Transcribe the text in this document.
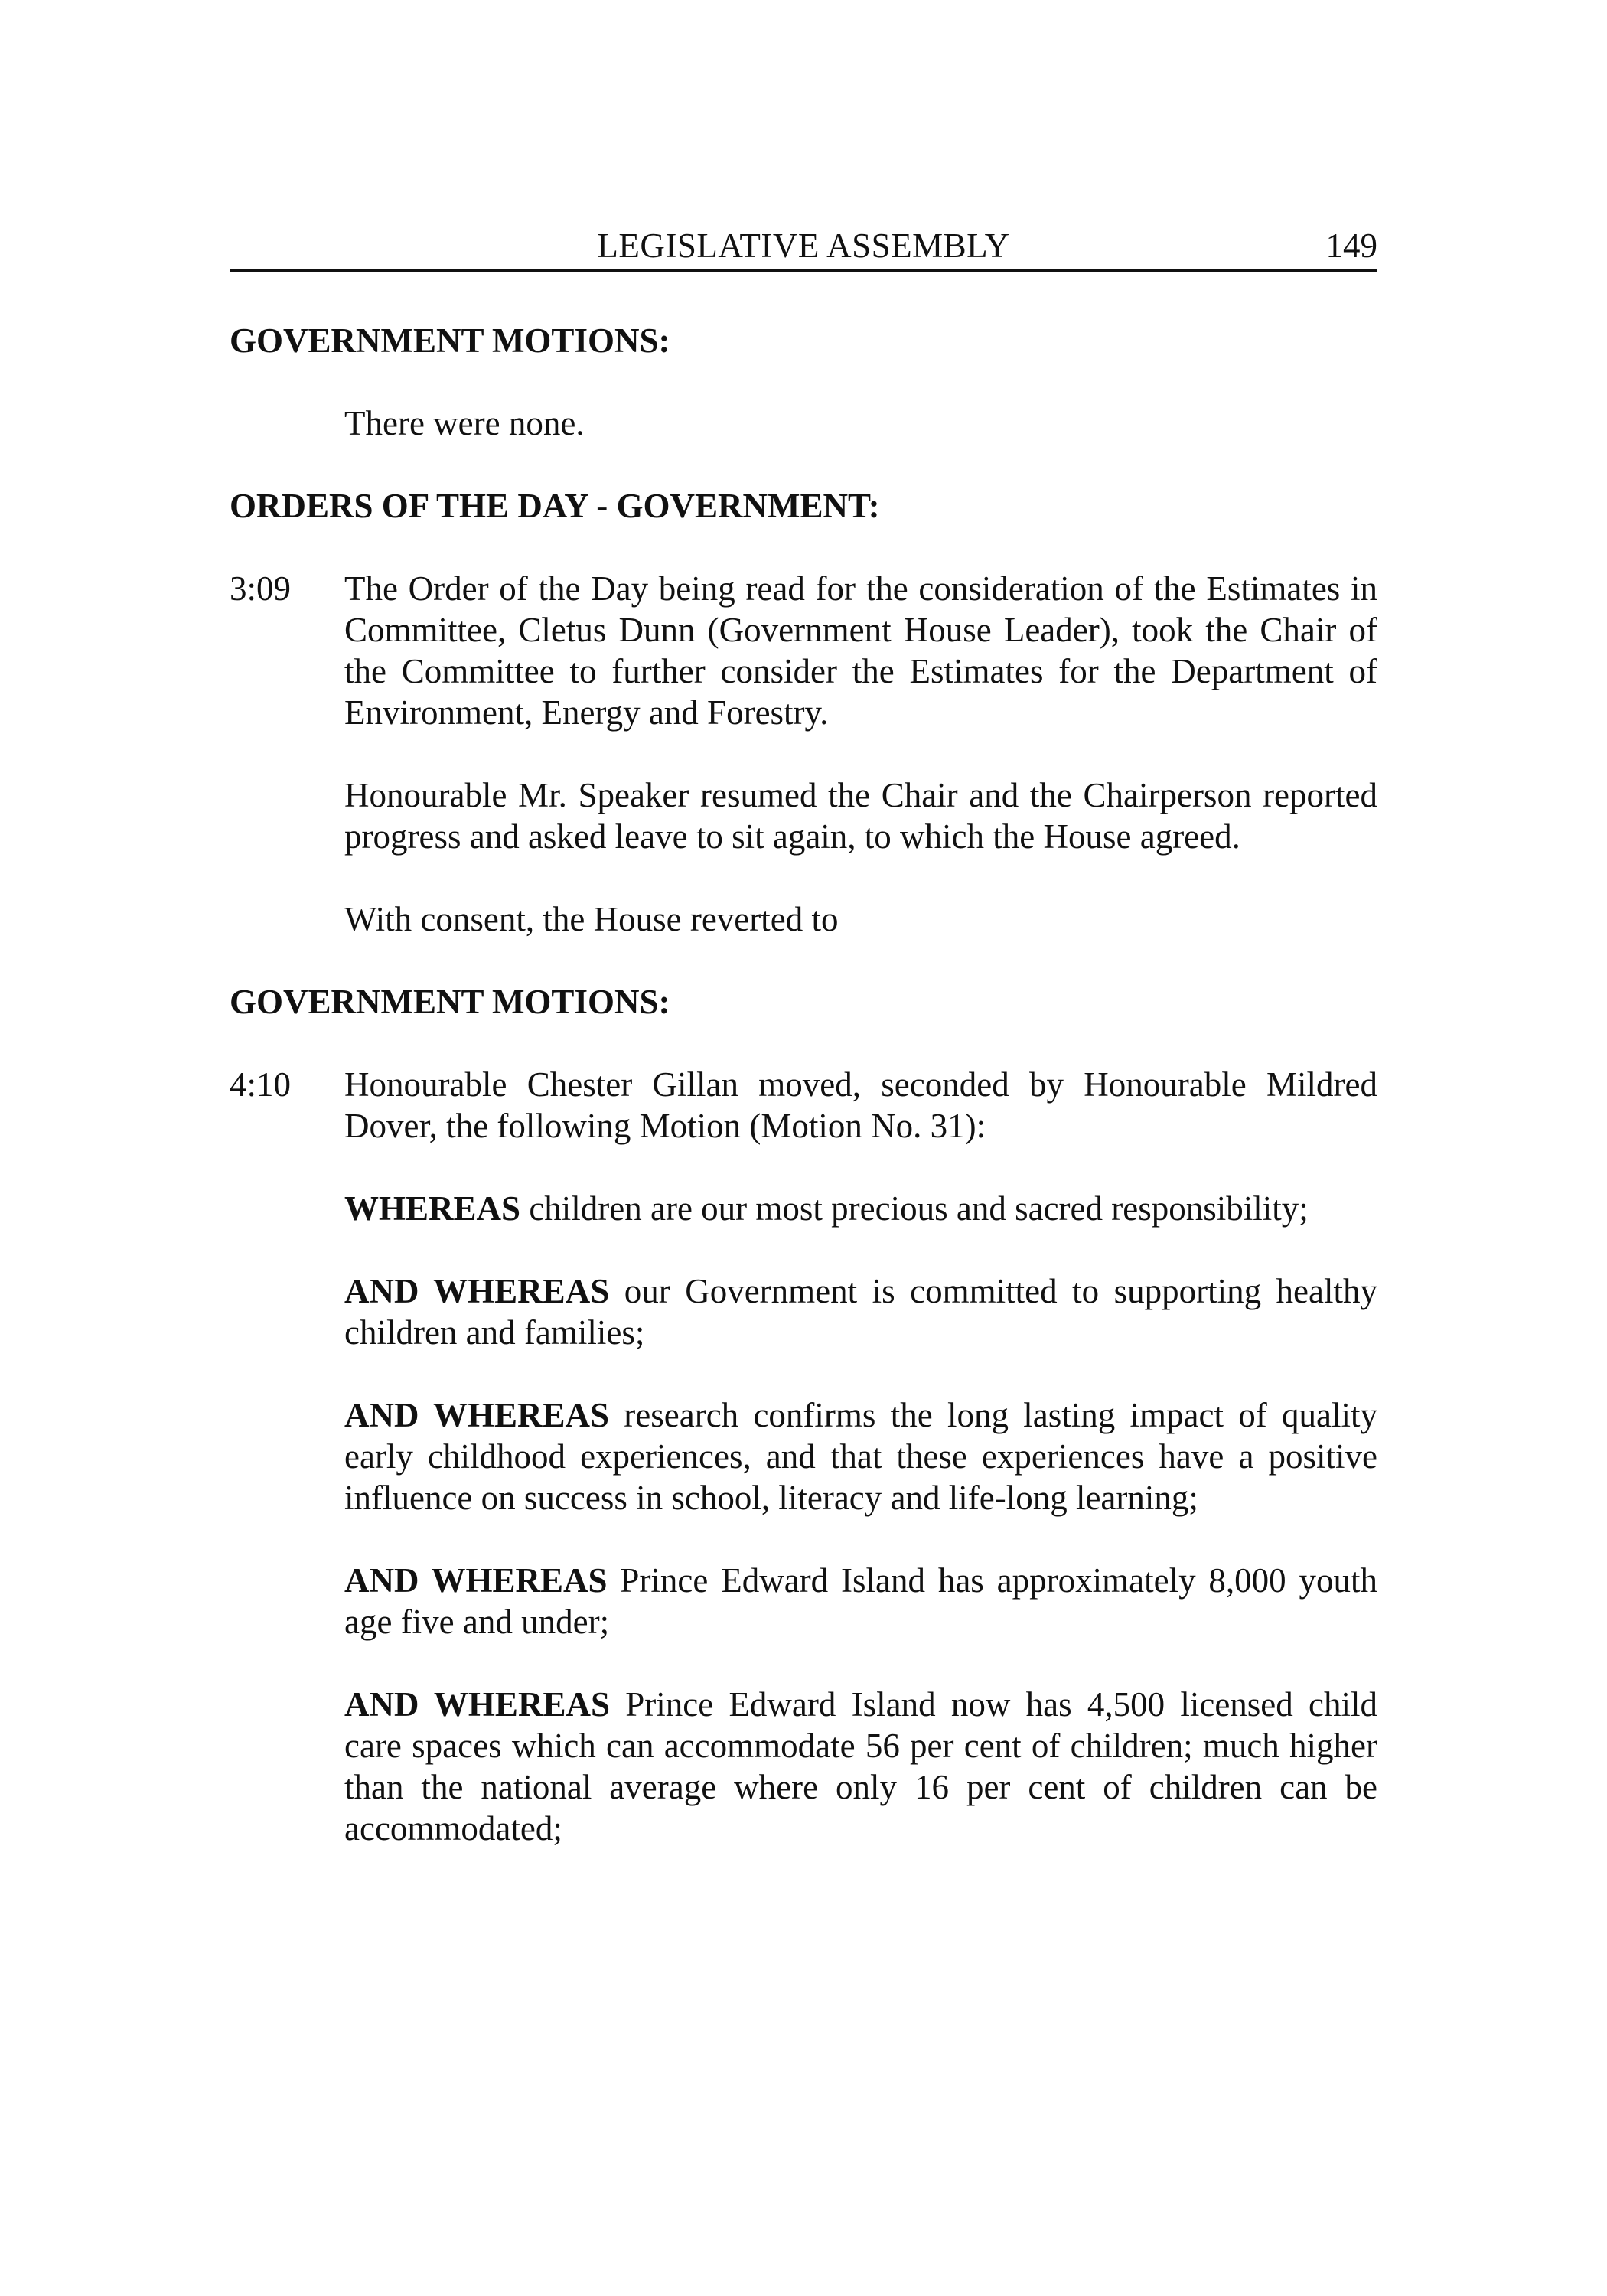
LEGISLATIVE ASSEMBLY	149

GOVERNMENT MOTIONS:

There were none.

ORDERS OF THE DAY - GOVERNMENT:

3:09 The Order of the Day being read for the consideration of the Estimates in Committee, Cletus Dunn (Government House Leader), took the Chair of the Committee to further consider the Estimates for the Department of Environment, Energy and Forestry.

Honourable Mr. Speaker resumed the Chair and the Chairperson reported progress and asked leave to sit again, to which the House agreed.

With consent, the House reverted to

GOVERNMENT MOTIONS:

4:10 Honourable Chester Gillan moved, seconded by Honourable Mildred Dover, the following Motion (Motion No. 31):

WHEREAS children are our most precious and sacred responsibility;

AND WHEREAS our Government is committed to supporting healthy children and families;

AND WHEREAS research confirms the long lasting impact of quality early childhood experiences, and that these experiences have a positive influence on success in school, literacy and life-long learning;

AND WHEREAS Prince Edward Island has approximately 8,000 youth age five and under;

AND WHEREAS Prince Edward Island now has 4,500 licensed child care spaces which can accommodate 56 per cent of children; much higher than the national average where only 16 per cent of children can be accommodated;
